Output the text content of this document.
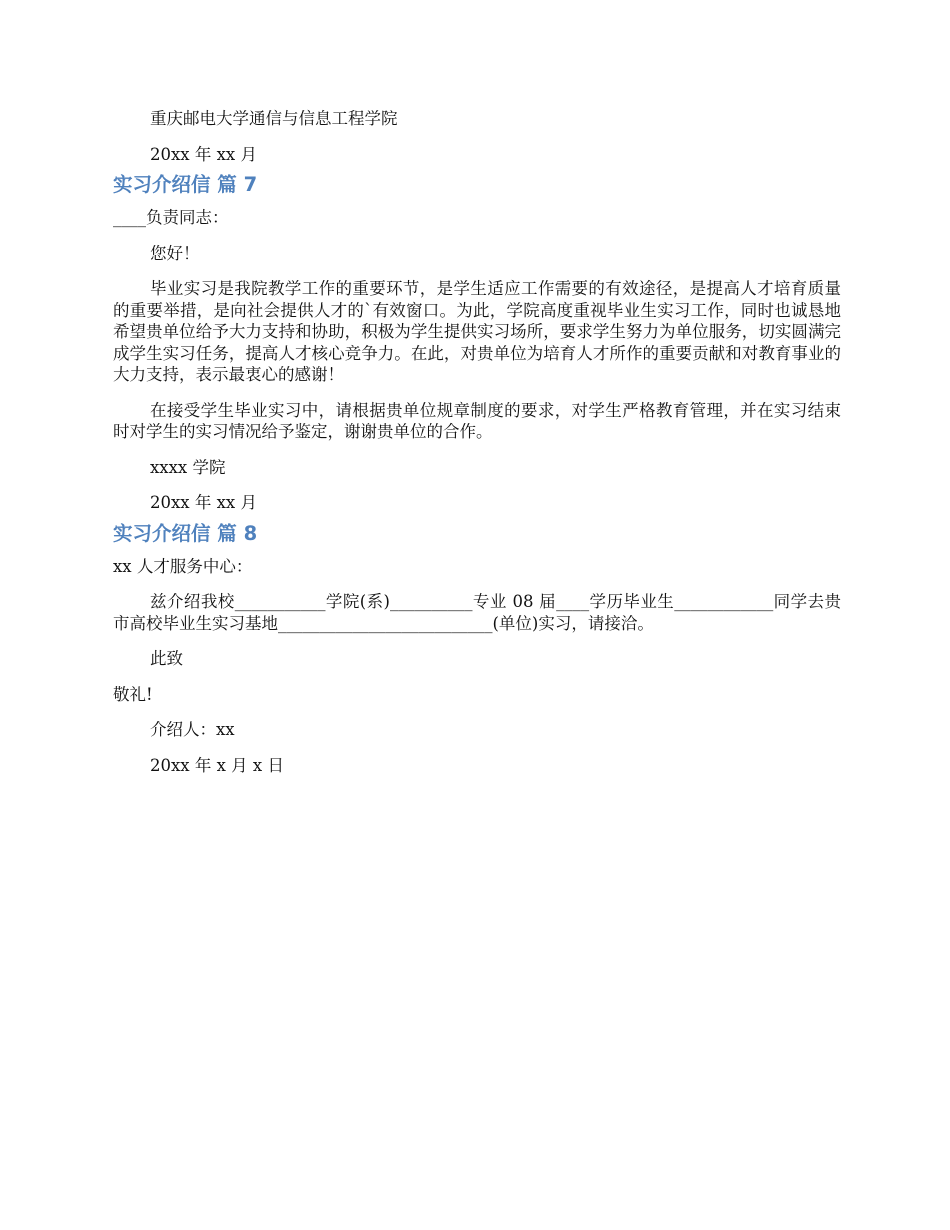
重庆邮电大学通信与信息工程学院

20xx 年 xx 月

实习介绍信 篇 7

____负责同志：

您好！

毕业实习是我院教学工作的重要环节，是学生适应工作需要的有效途径，是提高人才培育质量的重要举措，是向社会提供人才的`有效窗口。为此，学院高度重视毕业生实习工作，同时也诚恳地希望贵单位给予大力支持和协助，积极为学生提供实习场所，要求学生努力为单位服务，切实圆满完成学生实习任务，提高人才核心竞争力。在此，对贵单位为培育人才所作的重要贡献和对教育事业的大力支持，表示最衷心的感谢！

在接受学生毕业实习中，请根据贵单位规章制度的要求，对学生严格教育管理，并在实习结束时对学生的实习情况给予鉴定，谢谢贵单位的合作。

xxxx 学院

20xx 年 xx 月

实习介绍信 篇 8

xx 人才服务中心：

兹介绍我校___________学院(系)__________专业 08 届____学历毕业生____________同学去贵市高校毕业生实习基地__________________________(单位)实习，请接洽。

此致

敬礼!

介绍人：xx

20xx 年 x 月 x 日
